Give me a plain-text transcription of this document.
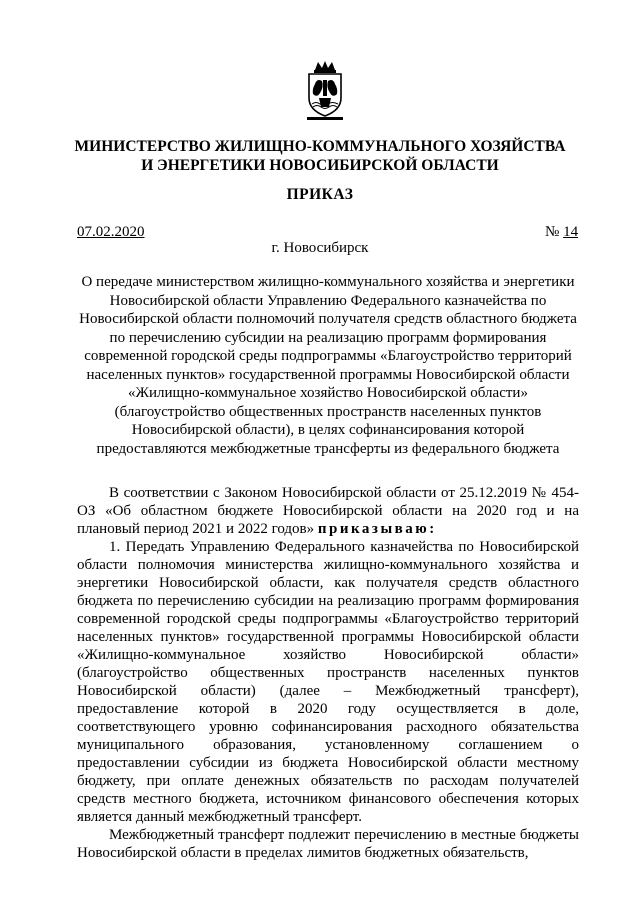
МИНИСТЕРСТВО ЖИЛИЩНО-КОММУНАЛЬНОГО ХОЗЯЙСТВА
И ЭНЕРГЕТИКИ НОВОСИБИРСКОЙ ОБЛАСТИ
ПРИКАЗ
07.02.2020	№ 14
г. Новосибирск
О передаче министерством жилищно-коммунального хозяйства и энергетики Новосибирской области Управлению Федерального казначейства по Новосибирской области полномочий получателя средств областного бюджета по перечислению субсидии на реализацию программ формирования современной городской среды подпрограммы «Благоустройство территорий населенных пунктов» государственной программы Новосибирской области «Жилищно-коммунальное хозяйство Новосибирской области» (благоустройство общественных пространств населенных пунктов Новосибирской области), в целях софинансирования которой предоставляются межбюджетные трансферты из федерального бюджета

В соответствии с Законом Новосибирской области от 25.12.2019 № 454-ОЗ «Об областном бюджете Новосибирской области на 2020 год и на плановый период 2021 и 2022 годов» приказываю:

1. Передать Управлению Федерального казначейства по Новосибирской области полномочия министерства жилищно-коммунального хозяйства и энергетики Новосибирской области, как получателя средств областного бюджета по перечислению субсидии на реализацию программ формирования современной городской среды подпрограммы «Благоустройство территорий населенных пунктов» государственной программы Новосибирской области «Жилищно-коммунальное хозяйство Новосибирской области» (благоустройство общественных пространств населенных пунктов Новосибирской области) (далее – Межбюджетный трансферт), предоставление которой в 2020 году осуществляется в доле, соответствующего уровню софинансирования расходного обязательства муниципального образования, установленному соглашением о предоставлении субсидии из бюджета Новосибирской области местному бюджету, при оплате денежных обязательств по расходам получателей средств местного бюджета, источником финансового обеспечения которых является данный межбюджетный трансферт.

Межбюджетный трансферт подлежит перечислению в местные бюджеты Новосибирской области в пределах лимитов бюджетных обязательств,
